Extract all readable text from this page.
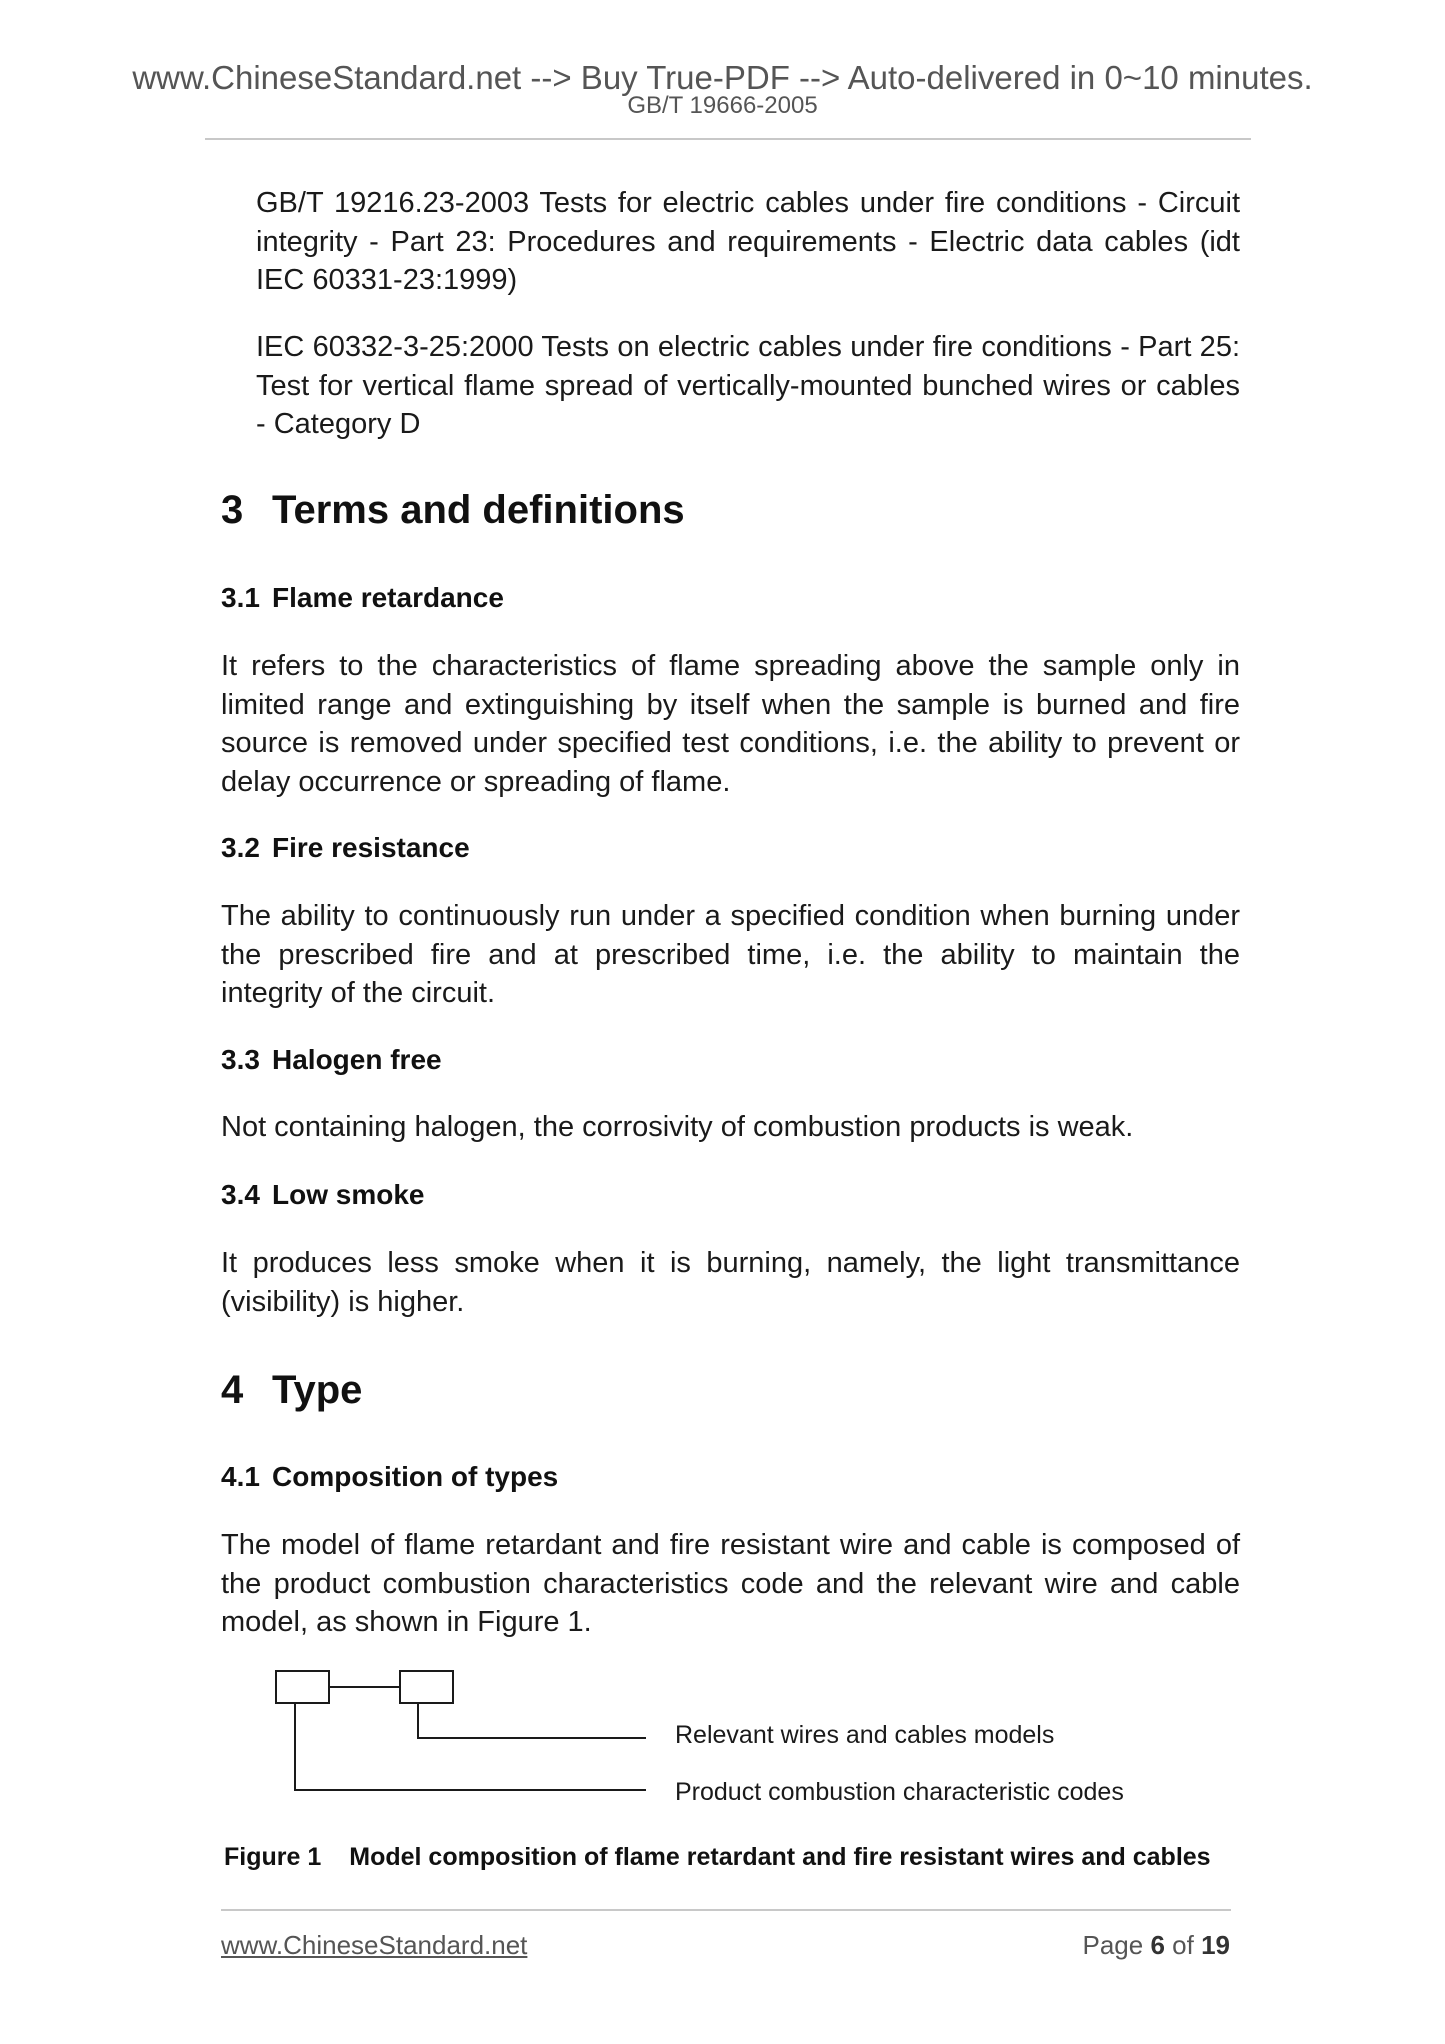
www.ChineseStandard.net --> Buy True-PDF --> Auto-delivered in 0~10 minutes.
GB/T 19666-2005

GB/T 19216.23-2003 Tests for electric cables under fire conditions - Circuit integrity - Part 23: Procedures and requirements - Electric data cables (idt IEC 60331-23:1999)

IEC 60332-3-25:2000 Tests on electric cables under fire conditions - Part 25: Test for vertical flame spread of vertically-mounted bunched wires or cables - Category D

3 Terms and definitions
3.1 Flame retardance

It refers to the characteristics of flame spreading above the sample only in limited range and extinguishing by itself when the sample is burned and fire source is removed under specified test conditions, i.e. the ability to prevent or delay occurrence or spreading of flame.

3.2 Fire resistance

The ability to continuously run under a specified condition when burning under the prescribed fire and at prescribed time, i.e. the ability to maintain the integrity of the circuit.

3.3 Halogen free

Not containing halogen, the corrosivity of combustion products is weak.

3.4 Low smoke

It produces less smoke when it is burning, namely, the light transmittance (visibility) is higher.

4 Type
4.1 Composition of types

The model of flame retardant and fire resistant wire and cable is composed of the product combustion characteristics code and the relevant wire and cable model, as shown in Figure 1.

Relevant wires and cables models
Product combustion characteristic codes
Figure 1 Model composition of flame retardant and fire resistant wires and cables
www.ChineseStandard.net	Page 6 of 19
